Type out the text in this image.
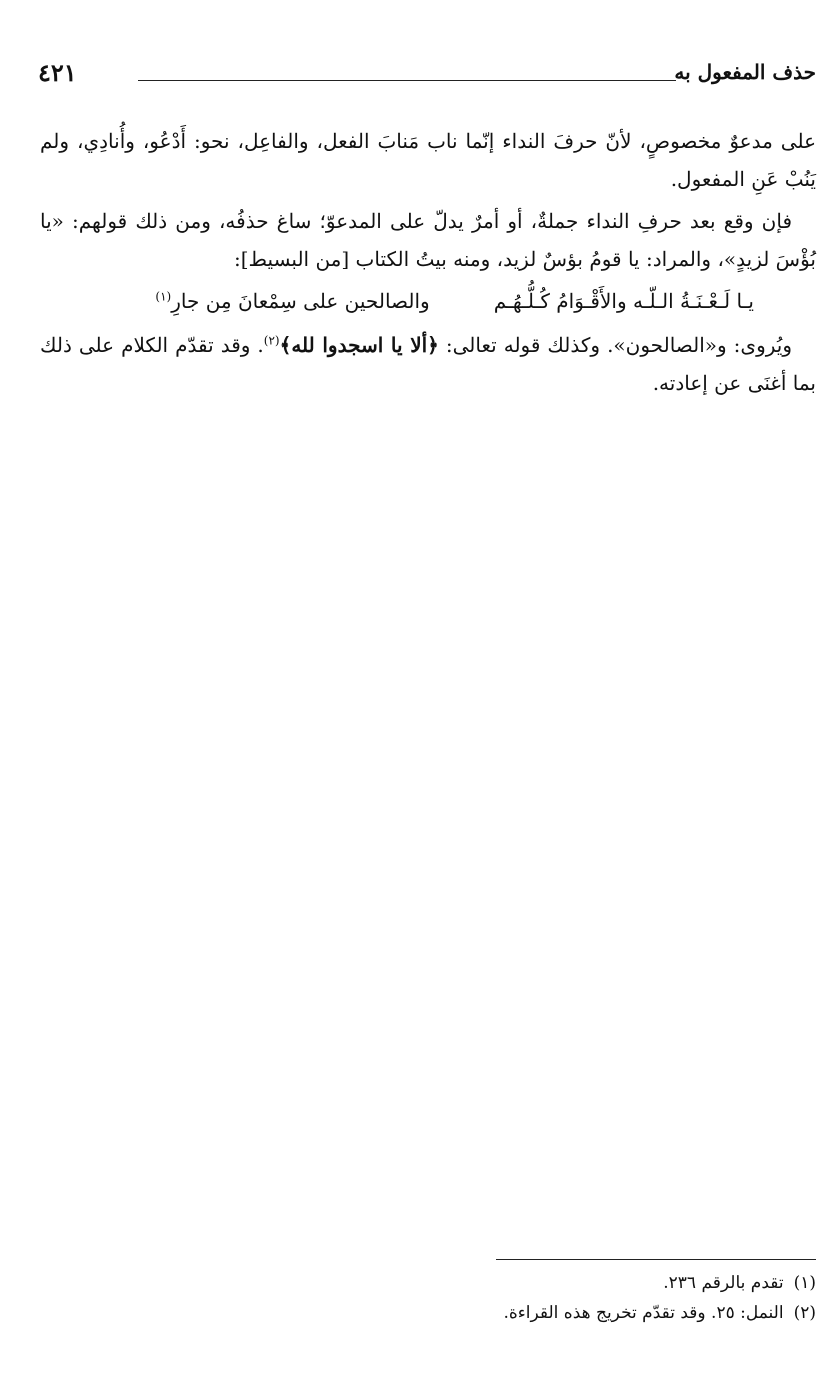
حذف المفعول به
٤٢١

على مدعوٌ مخصوصٍ، لأنّ حرفَ النداء إنّما ناب مَنابَ الفعل، والفاعِل، نحو: أَدْعُو، وأُنادِي، ولم يَنُبْ عَنِ المفعول.

فإن وقع بعد حرفِ النداء جملةٌ، أو أمرٌ يدلّ على المدعوّ؛ ساغ حذفُه، ومن ذلك قولهم: «يا بُؤْسَ لزيدٍ»، والمراد: يا قومُ بؤسٌ لزيد، ومنه بيتُ الكتاب [من البسيط]:

يـا لَـعْـنَـةُ الـلّـه والأَقْـوَامُ كُـلُّـهُـم
والصالحين على سِمْعانَ مِن جارِ$^{(١)}$

ويُروى: و«الصالحون». وكذلك قوله تعالى: ﴿ألا يا اسجدوا لله﴾$^{(٢)}$. وقد تقدّم الكلام على ذلك بما أغنَى عن إعادته.

(١)تقدم بالرقم ٢٣٦.
(٢)النمل: ٢٥. وقد تقدّم تخريج هذه القراءة.
